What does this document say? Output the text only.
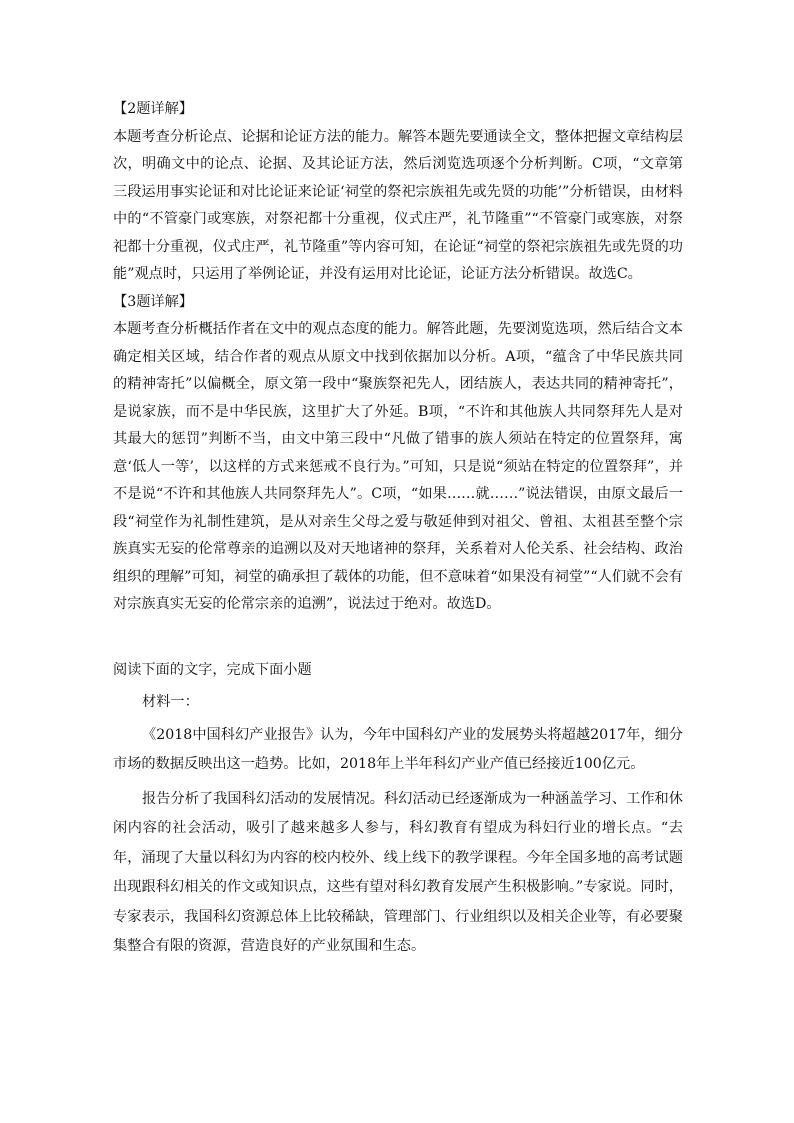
【2题详解】

本题考查分析论点、论据和论证方法的能力。解答本题先要通读全文，整体把握文章结构层次，明确文中的论点、论据、及其论证方法，然后浏览选项逐个分析判断。C项，“文章第三段运用事实论证和对比论证来论证‘祠堂的祭祀宗族祖先或先贤的功能’”分析错误，由材料中的“不管豪门或寒族，对祭祀都十分重视，仪式庄严，礼节隆重”“不管豪门或寒族，对祭祀都十分重视，仪式庄严，礼节隆重”等内容可知，在论证“祠堂的祭祀宗族祖先或先贤的功能”观点时，只运用了举例论证，并没有运用对比论证，论证方法分析错误。故选C。

【3题详解】

本题考查分析概括作者在文中的观点态度的能力。解答此题，先要浏览选项，然后结合文本确定相关区域，结合作者的观点从原文中找到依据加以分析。A项，“蕴含了中华民族共同的精神寄托”以偏概全，原文第一段中“聚族祭祀先人，团结族人，表达共同的精神寄托”，是说家族，而不是中华民族，这里扩大了外延。B项，“不许和其他族人共同祭拜先人是对其最大的惩罚”判断不当，由文中第三段中“凡做了错事的族人须站在特定的位置祭拜，寓意‘低人一等’，以这样的方式来惩戒不良行为。”可知，只是说“须站在特定的位置祭拜”，并不是说“不许和其他族人共同祭拜先人”。C项，“如果……就……”说法错误，由原文最后一段“祠堂作为礼制性建筑，是从对亲生父母之爱与敬延伸到对祖父、曾祖、太祖甚至整个宗族真实无妄的伦常尊亲的追溯以及对天地诸神的祭拜，关系着对人伦关系、社会结构、政治组织的理解”可知，祠堂的确承担了载体的功能，但不意味着“如果没有祠堂”“人们就不会有对宗族真实无妄的伦常宗亲的追溯”，说法过于绝对。故选D。

阅读下面的文字，完成下面小题

材料一：

《2018中国科幻产业报告》认为，今年中国科幻产业的发展势头将超越2017年，细分市场的数据反映出这一趋势。比如，2018年上半年科幻产业产值已经接近100亿元。

报告分析了我国科幻活动的发展情况。科幻活动已经逐渐成为一种涵盖学习、工作和休闲内容的社会活动，吸引了越来越多人参与，科幻教育有望成为科妇行业的增长点。“去年，涌现了大量以科幻为内容的校内校外、线上线下的教学课程。今年全国多地的高考试题出现跟科幻相关的作文或知识点，这些有望对科幻教育发展产生积极影响。”专家说。同时，专家表示，我国科幻资源总体上比较稀缺，管理部门、行业组织以及相关企业等，有必要聚集整合有限的资源，营造良好的产业氛围和生态。
